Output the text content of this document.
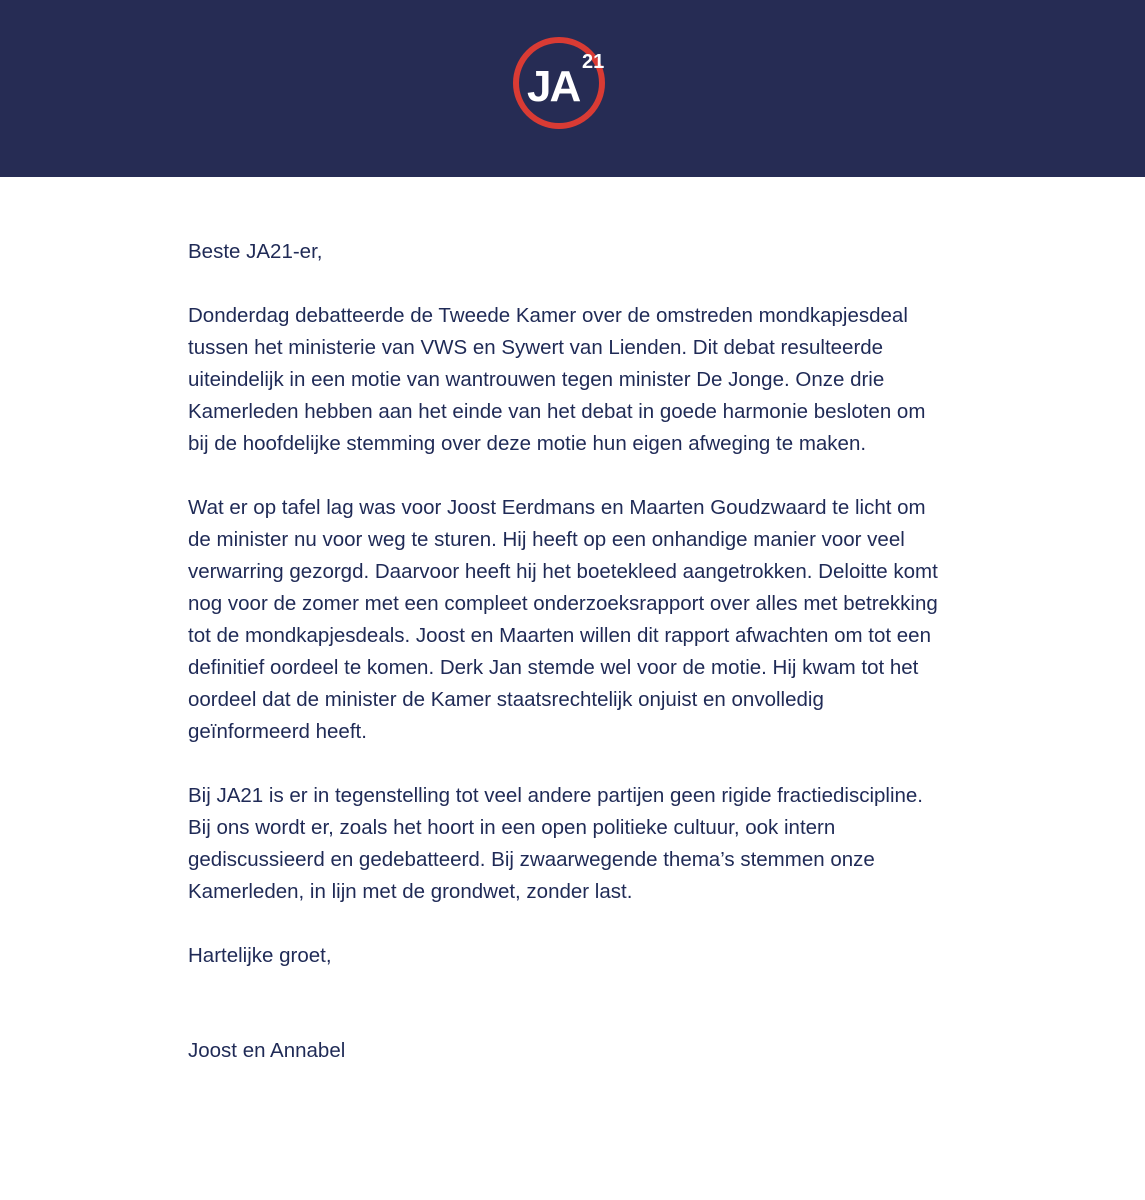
JA 21

Beste JA21-er,

Donderdag debatteerde de Tweede Kamer over de omstreden mondkapjesdeal tussen het ministerie van VWS en Sywert van Lienden. Dit debat resulteerde uiteindelijk in een motie van wantrouwen tegen minister De Jonge. Onze drie Kamerleden hebben aan het einde van het debat in goede harmonie besloten om bij de hoofdelijke stemming over deze motie hun eigen afweging te maken.

Wat er op tafel lag was voor Joost Eerdmans en Maarten Goudzwaard te licht om de minister nu voor weg te sturen. Hij heeft op een onhandige manier voor veel verwarring gezorgd. Daarvoor heeft hij het boetekleed aangetrokken. Deloitte komt nog voor de zomer met een compleet onderzoeksrapport over alles met betrekking tot de mondkapjesdeals. Joost en Maarten willen dit rapport afwachten om tot een definitief oordeel te komen. Derk Jan stemde wel voor de motie. Hij kwam tot het oordeel dat de minister de Kamer staatsrechtelijk onjuist en onvolledig geïnformeerd heeft.

Bij JA21 is er in tegenstelling tot veel andere partijen geen rigide fractiediscipline. Bij ons wordt er, zoals het hoort in een open politieke cultuur, ook intern gediscussieerd en gedebatteerd. Bij zwaarwegende thema’s stemmen onze Kamerleden, in lijn met de grondwet, zonder last.

Hartelijke groet,

Joost en Annabel
